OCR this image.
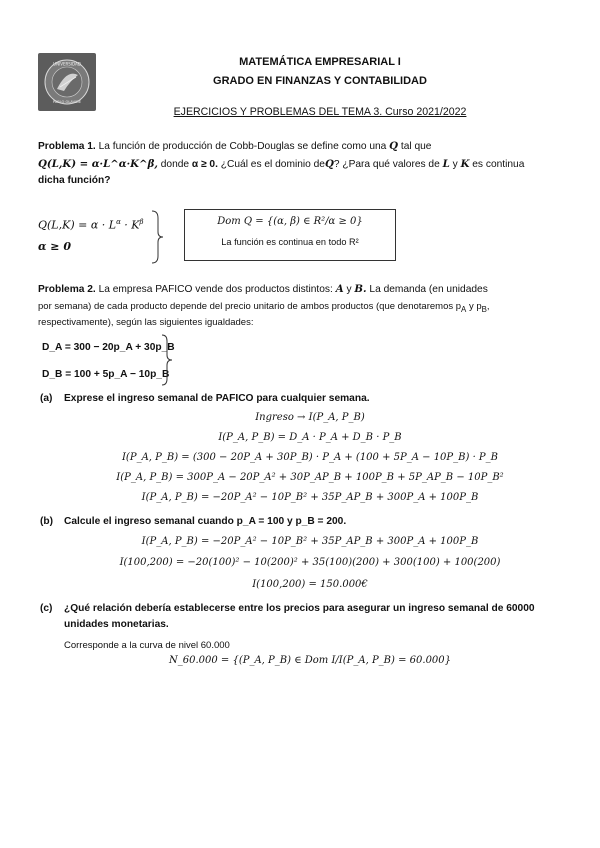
UNIVERSIDAD
PABLO OLAVIDE
MATEMÁTICA EMPRESARIAL I
GRADO EN FINANZAS Y CONTABILIDAD
EJERCICIOS Y PROBLEMAS DEL TEMA 3. Curso 2021/2022
Problema 1. La función de producción de Cobb-Douglas se define como una Q tal que
Q(L,K) = α·L^α·K^β, donde α ≥ 0. ¿Cuál es el dominio deQ? ¿Para qué valores de L y K es continua
dicha función?
$Q(L,K) = \alpha \cdot L^\alpha \cdot K^\beta$
α ≥ 0
Dom Q = {(α, β) ∈ R²/α ≥ 0}
La función es continua en todo R²
Problema 2. La empresa PAFICO vende dos productos distintos: A y B. La demanda (en unidades
por semana) de cada producto depende del precio unitario de ambos productos (que denotaremos $p_A$ y $p_B$,
respectivamente), según las siguientes igualdades:
D_A = 300 − 20p_A + 30p_B
D_B = 100 + 5p_A − 10p_B
(a) Exprese el ingreso semanal de PAFICO para cualquier semana.
Ingreso → I(P_A, P_B)
I(P_A, P_B) = D_A · P_A + D_B · P_B
I(P_A, P_B) = (300 − 20P_A + 30P_B) · P_A + (100 + 5P_A − 10P_B) · P_B
I(P_A, P_B) = 300P_A − 20P_A² + 30P_AP_B + 100P_B + 5P_AP_B − 10P_B²
I(P_A, P_B) = −20P_A² − 10P_B² + 35P_AP_B + 300P_A + 100P_B
(b) Calcule el ingreso semanal cuando p_A = 100 y p_B = 200.
I(P_A, P_B) = −20P_A² − 10P_B² + 35P_AP_B + 300P_A + 100P_B
I(100,200) = −20(100)² − 10(200)² + 35(100)(200) + 300(100) + 100(200)
I(100,200) = 150.000€
(c) ¿Qué relación debería establecerse entre los precios para asegurar un ingreso semanal de 60000
unidades monetarias.
Corresponde a la curva de nivel 60.000
N_60.000 = {(P_A, P_B) ∈ Dom I/I(P_A, P_B) = 60.000}
